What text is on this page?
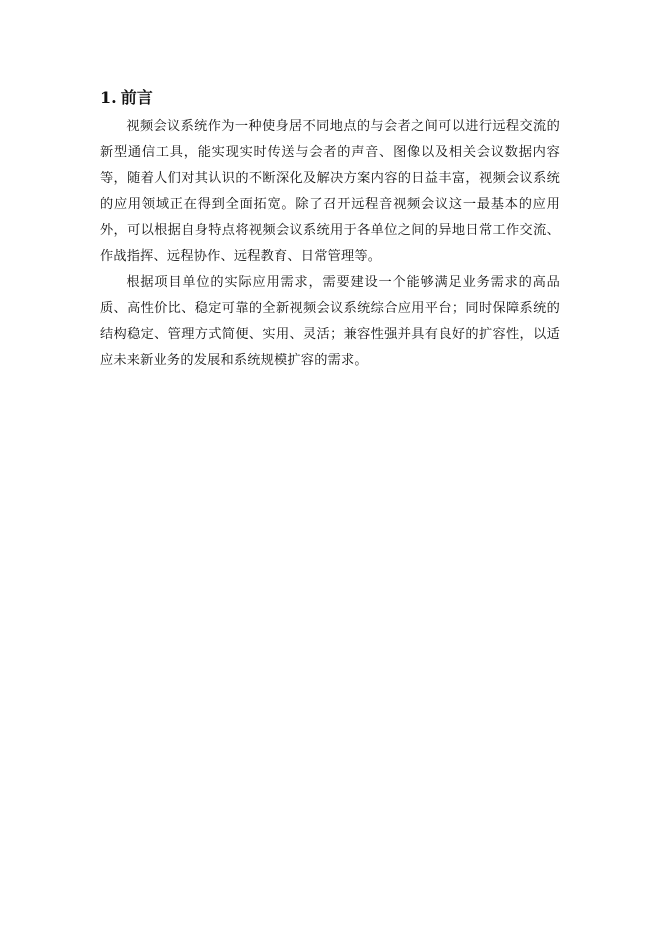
1. 前言

视频会议系统作为一种使身居不同地点的与会者之间可以进行远程交流的新型通信工具，能实现实时传送与会者的声音、图像以及相关会议数据内容等，随着人们对其认识的不断深化及解决方案内容的日益丰富，视频会议系统的应用领域正在得到全面拓宽。除了召开远程音视频会议这一最基本的应用外，可以根据自身特点将视频会议系统用于各单位之间的异地日常工作交流、作战指挥、远程协作、远程教育、日常管理等。

根据项目单位的实际应用需求，需要建设一个能够满足业务需求的高品质、高性价比、稳定可靠的全新视频会议系统综合应用平台；同时保障系统的结构稳定、管理方式简便、实用、灵活；兼容性强并具有良好的扩容性，以适应未来新业务的发展和系统规模扩容的需求。
